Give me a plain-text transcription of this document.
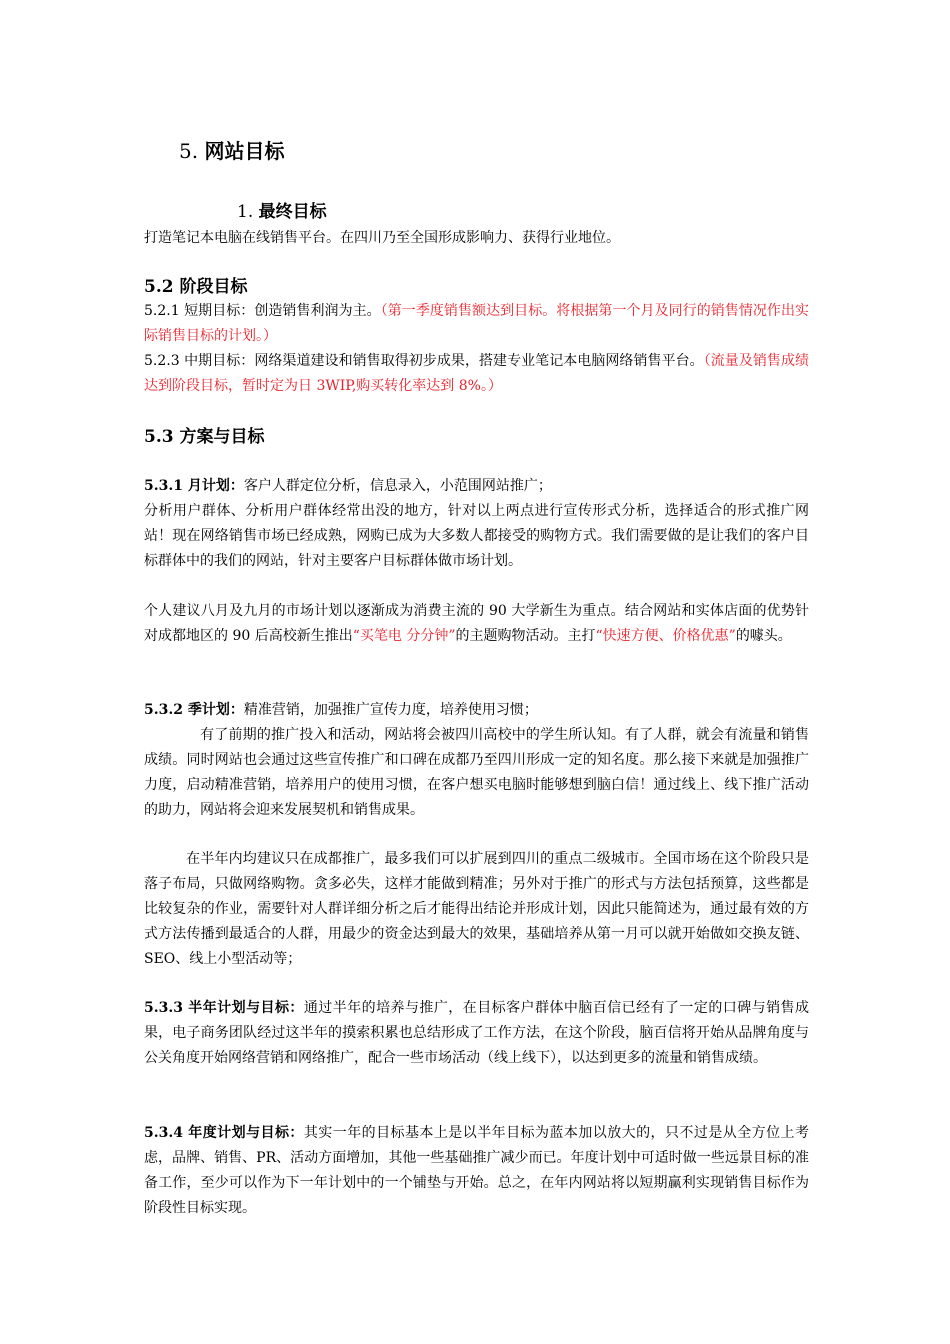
5. 网站目标
1. 最终目标
打造笔记本电脑在线销售平台。在四川乃至全国形成影响力、获得行业地位。
5.2 阶段目标
5.2.1 短期目标：创造销售利润为主。（第一季度销售额达到目标。将根据第一个月及同行的销售情况作出实际销售目标的计划。）
5.2.3 中期目标：网络渠道建设和销售取得初步成果，搭建专业笔记本电脑网络销售平台。（流量及销售成绩达到阶段目标，暂时定为日 3WIP,购买转化率达到 8%。）
5.3 方案与目标
5.3.1 月计划：客户人群定位分析，信息录入，小范围网站推广；
分析用户群体、分析用户群体经常出没的地方，针对以上两点进行宣传形式分析，选择适合的形式推广网站！现在网络销售市场已经成熟，网购已成为大多数人都接受的购物方式。我们需要做的是让我们的客户目标群体中的我们的网站，针对主要客户目标群体做市场计划。
个人建议八月及九月的市场计划以逐渐成为消费主流的 90 大学新生为重点。结合网站和实体店面的优势针对成都地区的 90 后高校新生推出“买笔电 分分钟”的主题购物活动。主打“快速方便、价格优惠”的噱头。
5.3.2 季计划：精准营销，加强推广宣传力度，培养使用习惯；
有了前期的推广投入和活动，网站将会被四川高校中的学生所认知。有了人群，就会有流量和销售成绩。同时网站也会通过这些宣传推广和口碑在成都乃至四川形成一定的知名度。那么接下来就是加强推广力度，启动精准营销，培养用户的使用习惯，在客户想买电脑时能够想到脑白信！通过线上、线下推广活动的助力，网站将会迎来发展契机和销售成果。
在半年内均建议只在成都推广，最多我们可以扩展到四川的重点二级城市。全国市场在这个阶段只是落子布局，只做网络购物。贪多必失，这样才能做到精准；另外对于推广的形式与方法包括预算，这些都是比较复杂的作业，需要针对人群详细分析之后才能得出结论并形成计划，因此只能简述为，通过最有效的方式方法传播到最适合的人群，用最少的资金达到最大的效果，基础培养从第一月可以就开始做如交换友链、SEO、线上小型活动等；
5.3.3 半年计划与目标：通过半年的培养与推广，在目标客户群体中脑百信已经有了一定的口碑与销售成果，电子商务团队经过这半年的摸索积累也总结形成了工作方法，在这个阶段，脑百信将开始从品牌角度与公关角度开始网络营销和网络推广，配合一些市场活动（线上线下），以达到更多的流量和销售成绩。
5.3.4 年度计划与目标：其实一年的目标基本上是以半年目标为蓝本加以放大的，只不过是从全方位上考虑，品牌、销售、PR、活动方面增加，其他一些基础推广减少而已。年度计划中可适时做一些远景目标的准备工作，至少可以作为下一年计划中的一个铺垫与开始。总之，在年内网站将以短期赢利实现销售目标作为阶段性目标实现。
